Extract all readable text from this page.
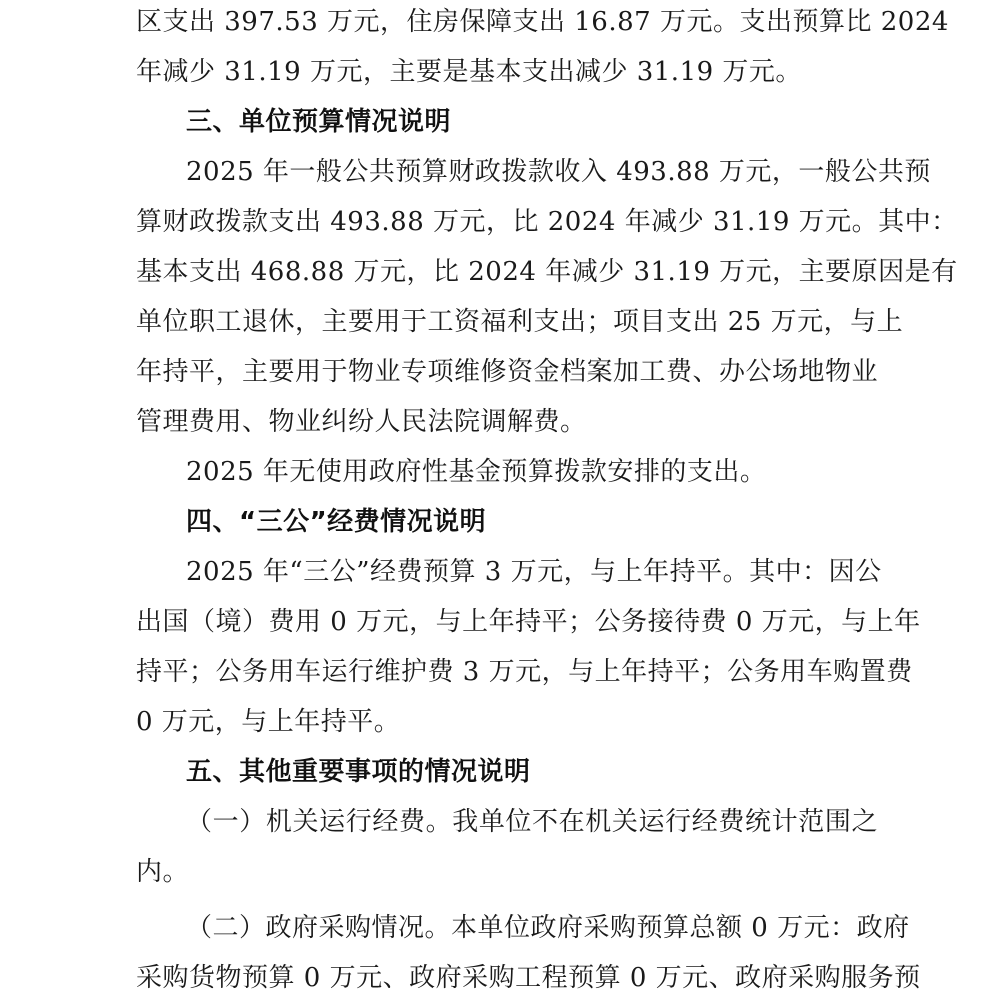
区支出 397.53 万元，住房保障支出 16.87 万元。支出预算比 2024
年减少 31.19 万元，主要是基本支出减少 31.19 万元。
三、单位预算情况说明
2025 年一般公共预算财政拨款收入 493.88 万元，一般公共预
算财政拨款支出 493.88 万元，比 2024 年减少 31.19 万元。其中：
基本支出 468.88 万元，比 2024 年减少 31.19 万元，主要原因是有
单位职工退休，主要用于工资福利支出；项目支出 25 万元，与上
年持平，主要用于物业专项维修资金档案加工费、办公场地物业
管理费用、物业纠纷人民法院调解费。
2025 年无使用政府性基金预算拨款安排的支出。
四、“三公”经费情况说明
2025 年“三公”经费预算 3 万元，与上年持平。其中：因公
出国（境）费用 0 万元，与上年持平；公务接待费 0 万元，与上年
持平；公务用车运行维护费 3 万元，与上年持平；公务用车购置费
0 万元，与上年持平。
五、其他重要事项的情况说明
（一）机关运行经费。我单位不在机关运行经费统计范围之
内。
（二）政府采购情况。本单位政府采购预算总额 0 万元：政府
采购货物预算 0 万元、政府采购工程预算 0 万元、政府采购服务预
